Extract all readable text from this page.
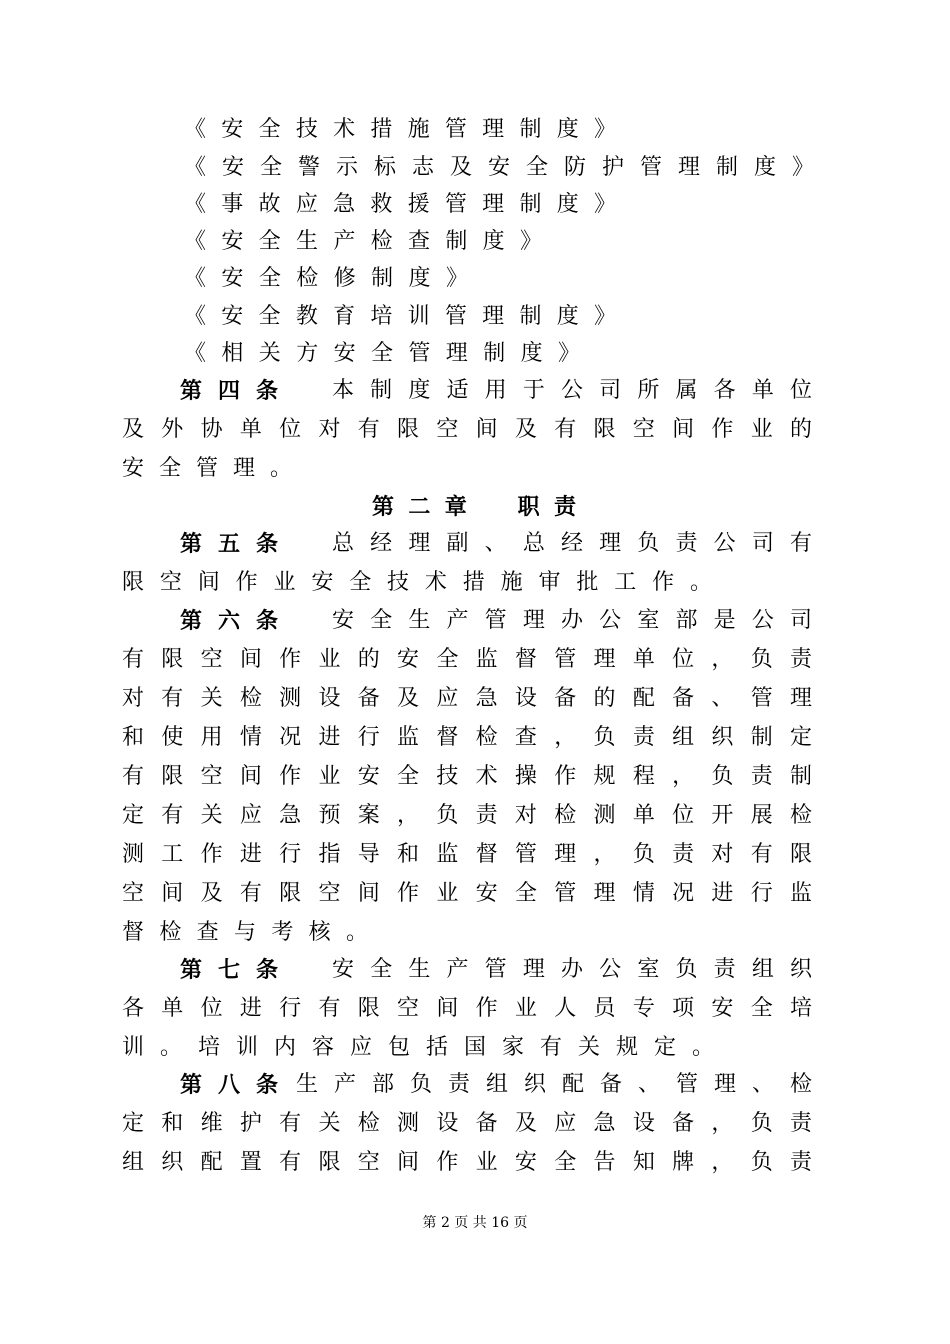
《安全技术措施管理制度》
《安全警示标志及安全防护管理制度》
《事故应急救援管理制度》
《安全生产检查制度》
《安全检修制度》
《安全教育培训管理制度》
《相关方安全管理制度》
第四条 本制度适用于公司所属各单位
及外协单位对有限空间及有限空间作业的
安全管理。
第二章　职责
第五条 总经理副、总经理负责公司有
限空间作业安全技术措施审批工作。
第六条 安全生产管理办公室部是公司
有限空间作业的安全监督管理单位，负责
对有关检测设备及应急设备的配备、管理
和使用情况进行监督检查，负责组织制定
有限空间作业安全技术操作规程，负责制
定有关应急预案，负责对检测单位开展检
测工作进行指导和监督管理，负责对有限
空间及有限空间作业安全管理情况进行监
督检查与考核。
第七条 安全生产管理办公室负责组织
各单位进行有限空间作业人员专项安全培
训。培训内容应包括国家有关规定。
第八条 生产部负责组织配备、管理、检
定和维护有关检测设备及应急设备，负责
组织配置有限空间作业安全告知牌，负责
第 2 页 共 16 页
